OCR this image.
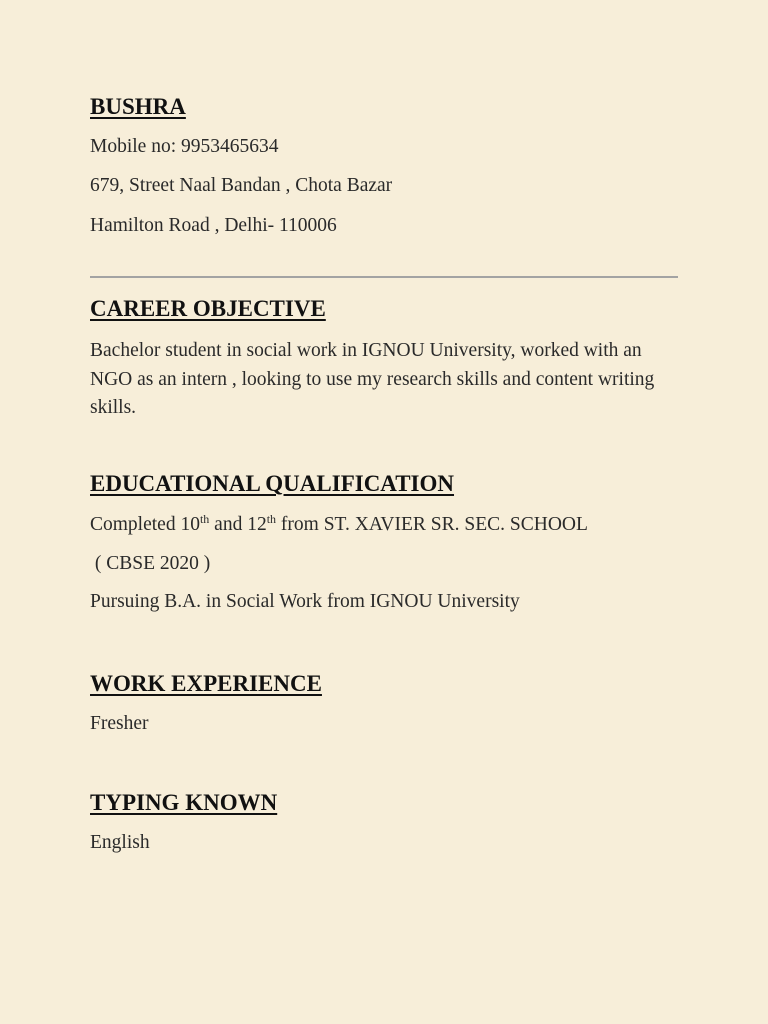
BUSHRA

Mobile no: 9953465634

679, Street Naal Bandan , Chota Bazar

Hamilton Road , Delhi- 110006

CAREER OBJECTIVE

Bachelor student in social work in IGNOU University, worked with an NGO as an intern , looking to use my research skills and content writing skills.

EDUCATIONAL QUALIFICATION

Completed 10th and 12th from ST. XAVIER SR. SEC. SCHOOL

( CBSE 2020 )

Pursuing B.A. in Social Work from IGNOU University

WORK EXPERIENCE

Fresher

TYPING KNOWN

English
